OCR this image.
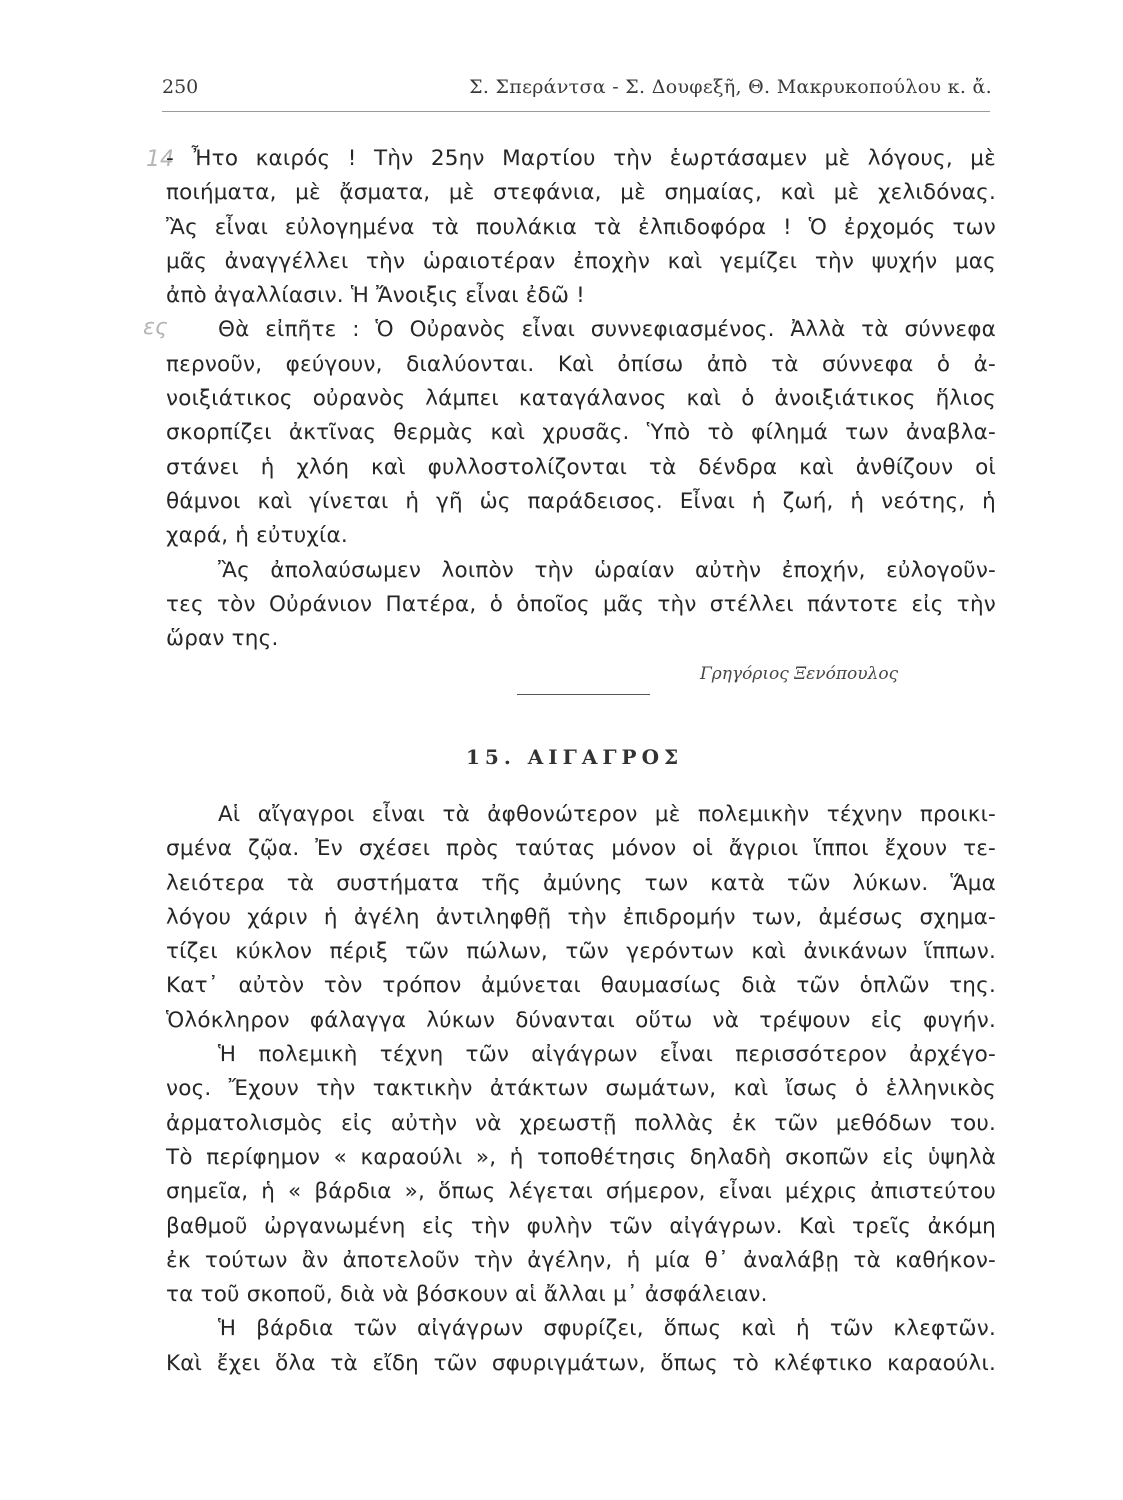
250	Σ. Σπεράντσα - Σ. Δουφεξῆ, Θ. Μακρυκοπούλου κ. ἄ.
14
ες
- Ἦτο καιρός ! Τὴν 25ην Μαρτίου τὴν ἑωρτάσαμεν μὲ λόγους, μὲ
ποιήματα, μὲ ᾄσματα, μὲ στεφάνια, μὲ σημαίας, καὶ μὲ χελιδόνας.
Ἂς εἶναι εὐλογημένα τὰ πουλάκια τὰ ἐλπιδοφόρα ! Ὁ ἐρχομός των
μᾶς ἀναγγέλλει τὴν ὡραιοτέραν ἐποχὴν καὶ γεμίζει τὴν ψυχήν μας
ἀπὸ ἀγαλλίασιν. Ἡ Ἄνοιξις εἶναι ἐδῶ !
Θὰ εἰπῆτε : Ὁ Οὐρανὸς εἶναι συννεφιασμένος. Ἀλλὰ τὰ σύννεφα
περνοῦν, φεύγουν, διαλύονται. Καὶ ὀπίσω ἀπὸ τὰ σύννεφα ὁ ἀ-
νοιξιάτικος οὐρανὸς λάμπει καταγάλανος καὶ ὁ ἀνοιξιάτικος ἥλιος
σκορπίζει ἀκτῖνας θερμὰς καὶ χρυσᾶς. Ὑπὸ τὸ φίλημά των ἀναβλα-
στάνει ἡ χλόη καὶ φυλλοστολίζονται τὰ δένδρα καὶ ἀνθίζουν οἱ
θάμνοι καὶ γίνεται ἡ γῆ ὡς παράδεισος. Εἶναι ἡ ζωή, ἡ νεότης, ἡ
χαρά, ἡ εὐτυχία.
Ἂς ἀπολαύσωμεν λοιπὸν τὴν ὡραίαν αὐτὴν ἐποχήν, εὐλογοῦν-
τες τὸν Οὐράνιον Πατέρα, ὁ ὁποῖος μᾶς τὴν στέλλει πάντοτε εἰς τὴν
ὥραν της.
Γρηγόριος Ξενόπουλος
15. ΑΙΓΑΓΡΟΣ
Αἱ αἴγαγροι εἶναι τὰ ἀφθονώτερον μὲ πολεμικὴν τέχνην προικι-
σμένα ζῷα. Ἐν σχέσει πρὸς ταύτας μόνον οἱ ἄγριοι ἵπποι ἔχουν τε-
λειότερα τὰ συστήματα τῆς ἀμύνης των κατὰ τῶν λύκων. Ἅμα
λόγου χάριν ἡ ἀγέλη ἀντιληφθῇ τὴν ἐπιδρομήν των, ἀμέσως σχημα-
τίζει κύκλον πέριξ τῶν πώλων, τῶν γερόντων καὶ ἀνικάνων ἵππων.
Κατ᾽ αὐτὸν τὸν τρόπον ἀμύνεται θαυμασίως διὰ τῶν ὁπλῶν της.
Ὁλόκληρον φάλαγγα λύκων δύνανται οὕτω νὰ τρέψουν εἰς φυγήν.
Ἡ πολεμικὴ τέχνη τῶν αἰγάγρων εἶναι περισσότερον ἀρχέγο-
νος. Ἔχουν τὴν τακτικὴν ἀτάκτων σωμάτων, καὶ ἴσως ὁ ἑλληνικὸς
ἀρματολισμὸς εἰς αὐτὴν νὰ χρεωστῇ πολλὰς ἐκ τῶν μεθόδων του.
Τὸ περίφημον « καραούλι », ἡ τοποθέτησις δηλαδὴ σκοπῶν εἰς ὑψηλὰ
σημεῖα, ἡ « βάρδια », ὅπως λέγεται σήμερον, εἶναι μέχρις ἀπιστεύτου
βαθμοῦ ὠργανωμένη εἰς τὴν φυλὴν τῶν αἰγάγρων. Καὶ τρεῖς ἀκόμη
ἐκ τούτων ἂν ἀποτελοῦν τὴν ἀγέλην, ἡ μία θ᾽ ἀναλάβῃ τὰ καθήκον-
τα τοῦ σκοποῦ, διὰ νὰ βόσκουν αἱ ἄλλαι μ᾽ ἀσφάλειαν.
Ἡ βάρδια τῶν αἰγάγρων σφυρίζει, ὅπως καὶ ἡ τῶν κλεφτῶν.
Καὶ ἔχει ὅλα τὰ εἴδη τῶν σφυριγμάτων, ὅπως τὸ κλέφτικο καραούλι.
